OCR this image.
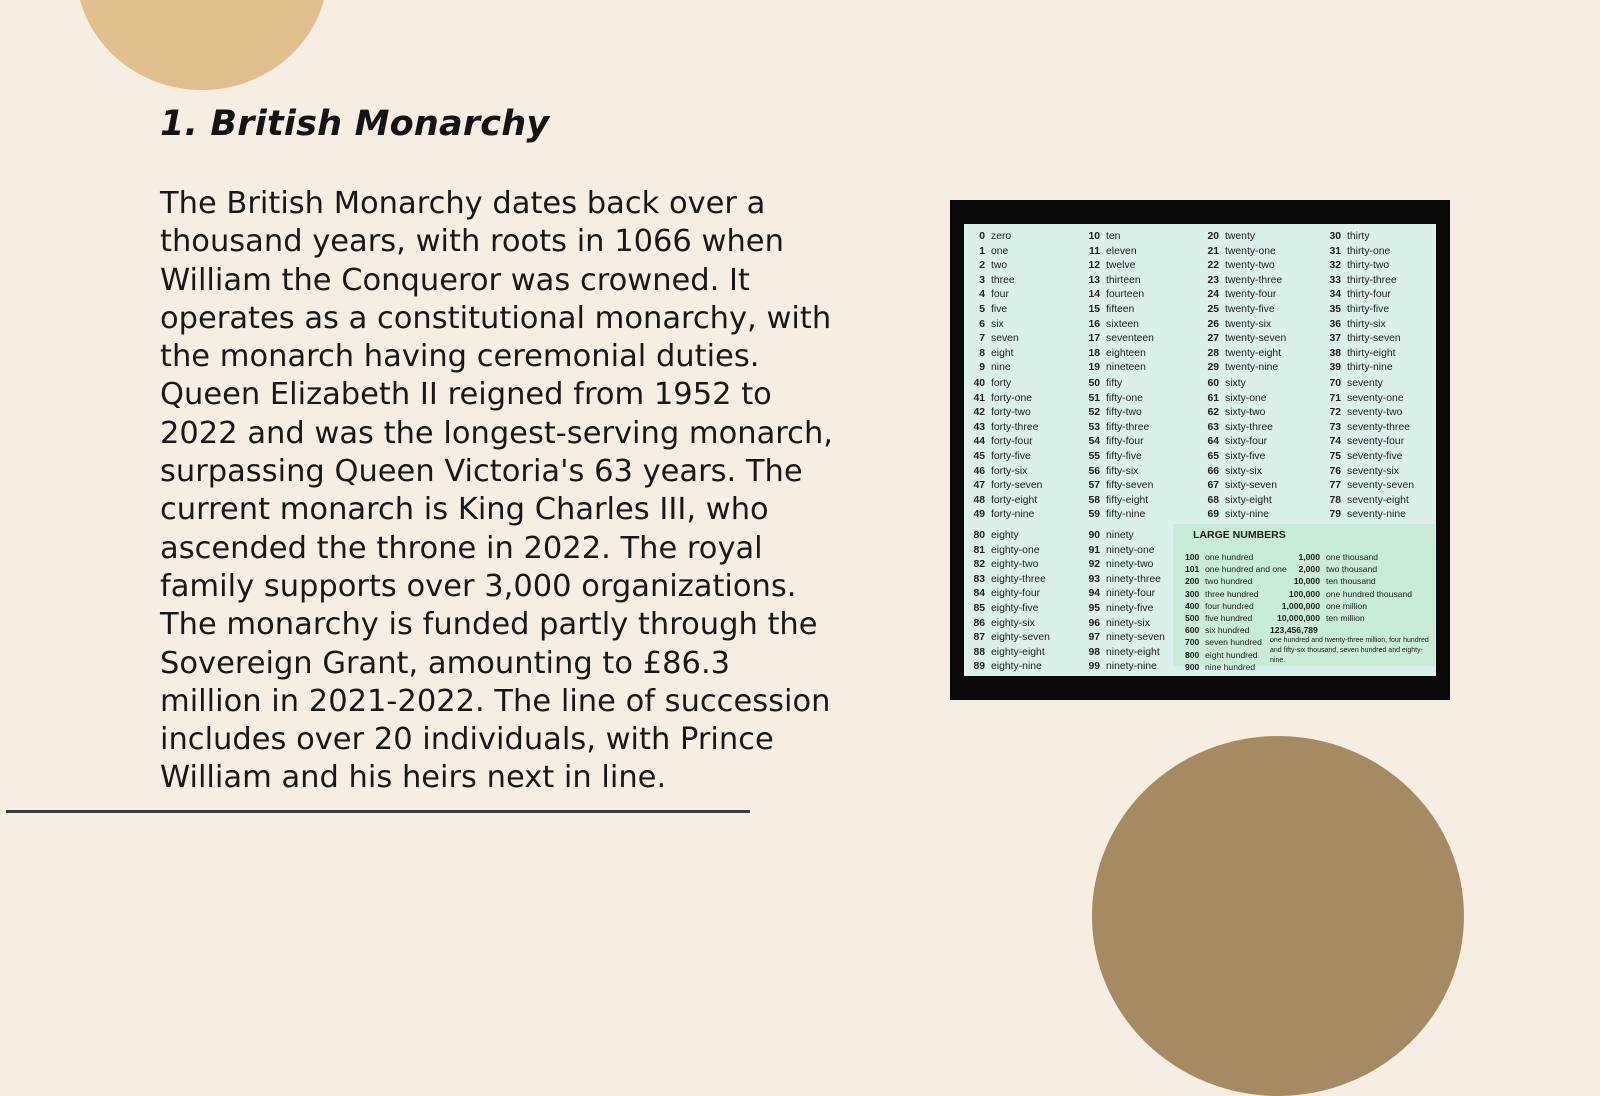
1. British Monarchy

The British Monarchy dates back over a thousand years, with roots in 1066 when William the Conqueror was crowned. It operates as a constitutional monarchy, with the monarch having ceremonial duties. Queen Elizabeth II reigned from 1952 to 2022 and was the longest-serving monarch, surpassing Queen Victoria's 63 years. The current monarch is King Charles III, who ascended the throne in 2022. The royal family supports over 3,000 organizations. The monarchy is funded partly through the Sovereign Grant, amounting to £86.3 million in 2021-2022. The line of succession includes over 20 individuals, with Prince William and his heirs next in line.

LARGE NUMBERS
100 one hundred
101 one hundred and one
200 two hundred
300 three hundred
400 four hundred
500 five hundred
600 six hundred
700 seven hundred
800 eight hundred
900 nine hundred
1,000 one thousand
2,000 two thousand
10,000 ten thousand
100,000 one hundred thousand
1,000,000 one million
10,000,000 ten million
123,456,789
one hundred and twenty-three million, four hundred and fifty-six thousand, seven hundred and eighty-nine.
0 zero
1 one
2 two
3 three
4 four
5 five
6 six
7 seven
8 eight
9 nine
10 ten
11 eleven
12 twelve
13 thirteen
14 fourteen
15 fifteen
16 sixteen
17 seventeen
18 eighteen
19 nineteen
20 twenty
21 twenty-one
22 twenty-two
23 twenty-three
24 twenty-four
25 twenty-five
26 twenty-six
27 twenty-seven
28 twenty-eight
29 twenty-nine
30 thirty
31 thirty-one
32 thirty-two
33 thirty-three
34 thirty-four
35 thirty-five
36 thirty-six
37 thirty-seven
38 thirty-eight
39 thirty-nine
40 forty
41 forty-one
42 forty-two
43 forty-three
44 forty-four
45 forty-five
46 forty-six
47 forty-seven
48 forty-eight
49 forty-nine
50 fifty
51 fifty-one
52 fifty-two
53 fifty-three
54 fifty-four
55 fifty-five
56 fifty-six
57 fifty-seven
58 fifty-eight
59 fifty-nine
60 sixty
61 sixty-one
62 sixty-two
63 sixty-three
64 sixty-four
65 sixty-five
66 sixty-six
67 sixty-seven
68 sixty-eight
69 sixty-nine
70 seventy
71 seventy-one
72 seventy-two
73 seventy-three
74 seventy-four
75 seventy-five
76 seventy-six
77 seventy-seven
78 seventy-eight
79 seventy-nine
80 eighty
81 eighty-one
82 eighty-two
83 eighty-three
84 eighty-four
85 eighty-five
86 eighty-six
87 eighty-seven
88 eighty-eight
89 eighty-nine
90 ninety
91 ninety-one
92 ninety-two
93 ninety-three
94 ninety-four
95 ninety-five
96 ninety-six
97 ninety-seven
98 ninety-eight
99 ninety-nine
